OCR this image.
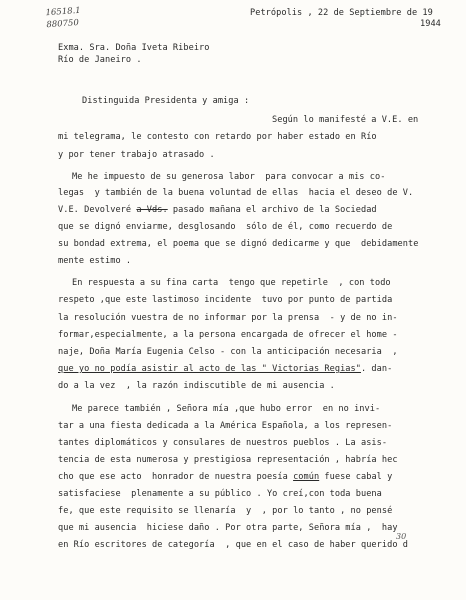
16518.1
880750
Petrópolis , 22 de Septiembre de 19
1944
Exma. Sra. Doña Iveta Ribeiro
Río de Janeiro .
Distinguida Presidenta y amiga :
Según lo manifesté a V.E. en
mi telegrama, le contesto con retardo por haber estado en Río
y por tener trabajo atrasado .
Me he impuesto de su generosa labor  para convocar a mis co-
legas  y también de la buena voluntad de ellas  hacia el deseo de V.
V.E. Devolveré a Vds. pasado mañana el archivo de la Sociedad
que se dignó enviarme, desglosando  sólo de él, como recuerdo de
su bondad extrema, el poema que se dignó dedicarme y que  debidamente
mente estimo .
En respuesta a su fina carta  tengo que repetirle  , con todo
respeto ,que este lastimoso incidente  tuvo por punto de partida
la resolución vuestra de no informar por la prensa  - y de no in-
formar,especialmente, a la persona encargada de ofrecer el home -
naje, Doña María Eugenia Celso - con la anticipación necesaria  ,
que yo no podía asistir al acto de las " Victorias Regias". dan-
do a la vez  , la razón indiscutible de mi ausencia .
Me parece también , Señora mía ,que hubo error  en no invi-
tar a una fiesta dedicada a la América Española, a los represen-
tantes diplomáticos y consulares de nuestros pueblos . La asis-
tencia de esta numerosa y prestigiosa representación , habría hec
cho que ese acto  honrador de nuestra poesía común fuese cabal y
satisfaciese  plenamente a su público . Yo creí,con toda buena
fe, que este requisito se llenaría  y  , por lo tanto , no pensé
que mi ausencia  hiciese daño . Por otra parte, Señora mía ,  hay
en Río escritores de categoría  , que en el caso de haber querido d
30
